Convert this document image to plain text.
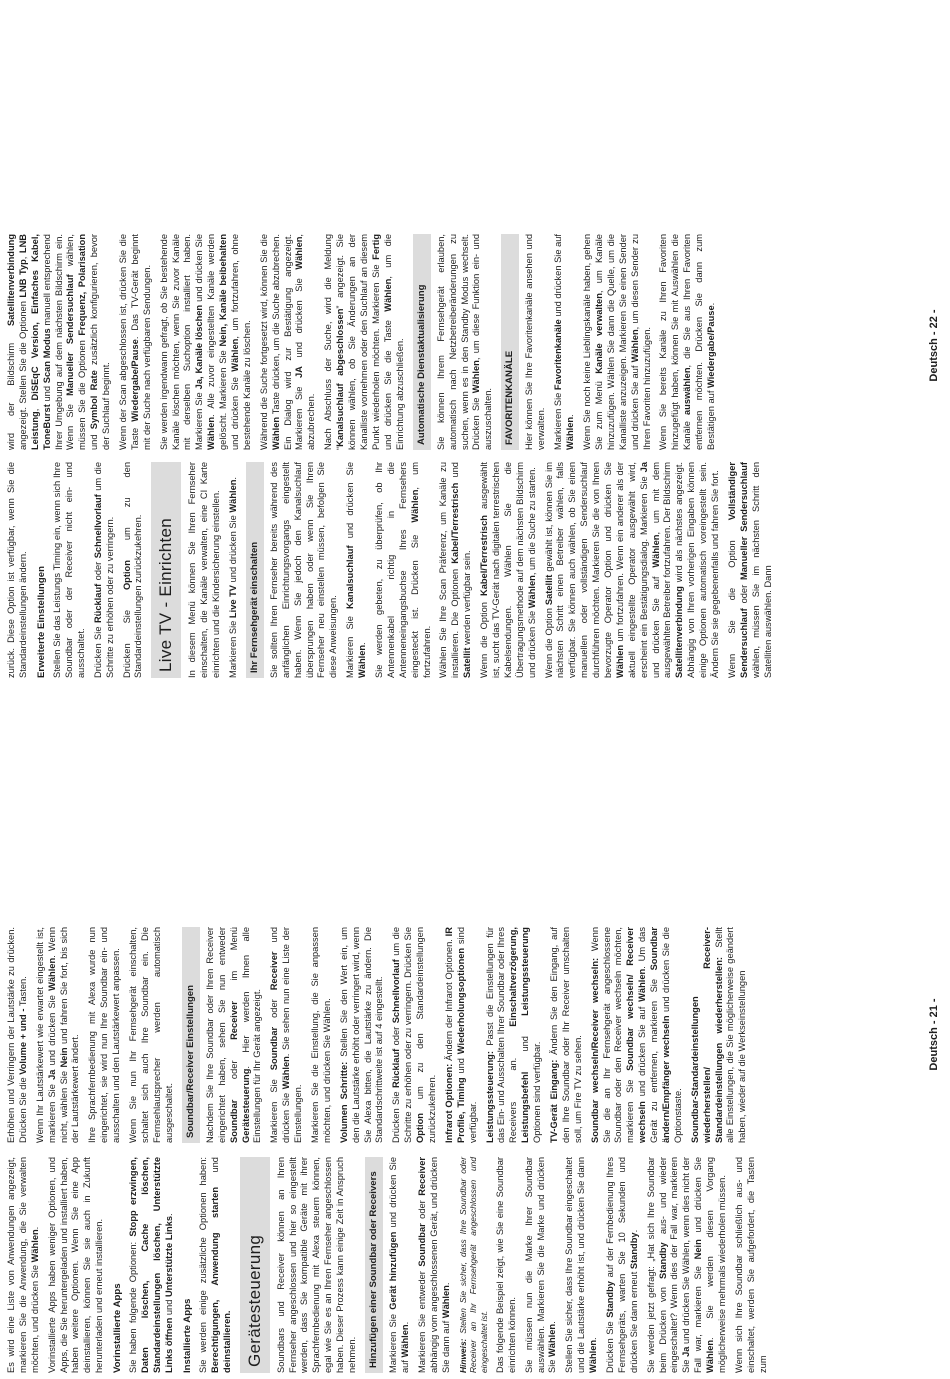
Es wird eine Liste von Anwendungen angezeigt, markieren Sie die Anwendung, die Sie verwalten möchten, und drücken Sie Wählen. Vorinstallierte Apps haben weniger Optionen, und Apps, die Sie heruntergeladen und installiert haben, haben weitere Optionen. Wenn Sie eine App deinstallieren, können Sie sie auch in Zukunft herunterladen und erneut installieren. Vorinstallierte Apps Sie haben folgende Optionen: Stopp erzwingen, Daten löschen, Cache löschen, Standardeinstellungen löschen, Unterstützte Links öffnen und Unterstützte Links.

Installierte Apps Sie werden einige zusätzliche Optionen haben: Berechtigungen, Anwendung starten und deinstallieren. Gerätesteuerung	Soundbars und Receiver können an Ihren Fernseher angeschlossen und hier so eingestellt werden, dass Sie kompatible Geräte mit ihrer Sprachfernbedienung mit Alexa steuern können, egal wie Sie es an Ihren Fernseher angeschlossen haben. Dieser Prozess kann einige Zeit in Anspruch nehmen.	Hinzufügen einer Soundbar oder Receivers Markieren Sie Gerät hinzufügen und drücken Sie auf Wählen. Markieren Sie entweder Soundbar oder Receiver abhängig vom angeschlossenen Gerät, und drücken Sie dann auf Wählen.

Hinweis: Stellen Sie sicher, dass Ihre Soundbar oder Receiver an Ihr Fernsehgerät angeschlossen und eingeschaltet ist. Das folgende Beispiel zeigt, wie Sie eine Soundbar einrichten können. Sie müssen nun die Marke Ihrer Soundbar auswählen. Markieren Sie die Marke und drücken Sie Wählen. Stellen Sie sicher, dass Ihre Soundbar eingeschaltet und die Lautstärke erhöht ist, und drücken Sie dann Wählen. Drücken Sie Standby auf der Fernbedienung Ihres Fernsehgeräts, warten Sie 10 Sekunden und drücken Sie dann erneut Standby. Sie werden jetzt gefragt: „Hat sich Ihre Soundbar beim Drücken von Standby aus- und wieder eingeschaltet? Wenn dies der Fall war, markieren Sie Ja und drücken Sie Wählen, wenn dies nicht der Fall war, markieren Sie Nein und drücken Sie Wählen. Sie werden diesen Vorgang möglicherweise mehrmals wiederholen müssen. Wenn sich Ihre Soundbar schließlich aus- und einschaltet, werden Sie aufgefordert, die Tasten zum

Erhöhen und Verringern der Lautstärke zu drücken. Drücken Sie die Volume + und - Tasten. Wenn Ihr Lautstärkewert wie erwartet eingestellt ist, markieren Sie Ja und drücken Sie Wählen. Wenn nicht, wählen Sie Nein und fahren Sie fort, bis sich der Lautstärkewert ändert. Ihre Sprachfernbedienung mit Alexa wurde nun eingerichtet, sie wird nun Ihre Soundbar ein- und ausschalten und den Lautstärkewert anpassen. Wenn Sie nun Ihr Fernsehgerät einschalten, schaltet sich auch Ihre Soundbar ein. Die Fernsehlautsprecher werden automatisch ausgeschaltet.	Soundbar/Receiver Einstellungen Nachdem Sie Ihre Soundbar oder Ihren Receiver eingerichtet haben, sehen Sie nun entweder Soundbar oder Receiver im Menü Gerätesteuerung. Hier werden Ihnen alle Einstellungen für Ihr Gerät angezeigt. Markieren Sie Soundbar oder Receiver und drücken Sie Wählen. Sie sehen nun eine Liste der Einstellungen. Markieren Sie die Einstellung, die Sie anpassen möchten, und drücken Sie Wählen. Volumen Schritte: Stellen Sie den Wert ein, um den die Lautstärke erhöht oder verringert wird, wenn Sie Alexa bitten, die Lautstärke zu ändern. Die Standardschrittweite ist auf 4 eingestellt. Drücken Sie Rücklauf oder Schnellvorlauf um die Schritte zu erhöhen oder zu verringern. Drücken Sie Option um zu den Standardeinstellungen zurückzukehren. Infrarot Optionen: Ändern der Infrarot Optionen. IR Profile, Timing und Wiederholungsoptionen sind verfügbar. Leistungssteuerung: Passt die Einstellungen für das Ein- und Ausschalten Ihrer Soundbar oder Ihres Receivers an. Einschaltverzögerung, Leistungsbefehl und Leistungssteuerung Optionen sind verfügbar. TV-Gerät Eingang: Ändern Sie den Eingang, auf den Ihre Soundbar oder Ihr Receiver umschalten soll, um Fire TV zu sehen. Soundbar wechseln/Receiver wechseln: Wenn Sie die an Ihr Fernsehgerät angeschlossene Soundbar oder den Receiver wechseln möchten, markieren Sie Soundbar wechseln/ Receiver wechseln und drücken Sie auf Wählen. Um das Gerät zu entfernen, markieren Sie Soundbar ändern/Empfänger wechseln und drücken Sie die Optionstaste. Soundbar-Standardeinstellungen wiederherstellen/ Receiver-Standardeinstellungen wiederherstellen: Stellt alle Einstellungen, die Sie möglicherweise geändert haben, wieder auf die Werkseinstellungen	Deutsch - 21 -

zurück. Diese Option ist verfügbar, wenn Sie die Standardeinstellungen ändern. Erweiterte Einstellungen Stellen Sie das Leistungs Timing ein, wenn sich Ihre Soundbar oder der Receiver nicht ein- und ausschaltet. Drücken Sie Rücklauf oder Schnellvorlauf um die Schritte zu erhöhen oder zu verringern. Drücken Sie Option um zu den Standardeinstellungen zurückzukehren. Live TV - Einrichten	In diesem Menü können Sie Ihren Fernseher einschalten, die Kanäle verwalten, eine CI Karte einrichten und die Kindersicherung einstellen. Markieren Sie Live TV und drücken Sie Wählen.

Ihr Fernsehgerät einschalten Sie sollten Ihren Fernseher bereits während des anfänglichen Einrichtungsvorgangs eingestellt haben. Wenn Sie jedoch den Kanalsuchlauf übersprungen haben oder wenn Sie Ihren Fernseher neu einstellen müssen, befolgen Sie diese Anweisungen. Markieren Sie Kanalsuchlauf und drücken Sie Wählen. Sie werden gebeten, zu überprüfen, ob Ihr Antennenkabel richtig in die Antenneneingangsbuchse Ihres Fernsehers eingesteckt ist. Drücken Sie Wählen, um fortzufahren. Wählen Sie Ihre Scan Präferenz, um Kanäle zu installieren. Die Optionen Kabel/Terrestrisch und Satellit werden verfügbar sein. Wenn die Option Kabel/Terrestrisch ausgewählt ist, sucht das TV-Gerät nach digitalen terrestrischen Kabelsendungen. Wählen Sie die Übertragungsmethode auf dem nächsten Bildschirm und drücken Sie Wählen, um die Suche zu starten.

Wenn die Option Satellit gewählt ist, können Sie im nächsten Schritt einen Betreiber wählen, falls verfügbar. Sie können auch wählen, ob Sie einen manuellen oder vollständigen Sendersuchlauf durchführen möchten. Markieren Sie die von Ihnen bevorzugte Operator Option und drücken Sie Wählen um fortzufahren. Wenn ein anderer als der aktuell eingestellte Operator ausgewählt wird, erscheint ein Bestätigungsdialog. Markieren Sie Ja und drücken Sie auf Wählen, um mit dem ausgewählten Betreiber fortzufahren. Der Bildschirm Satellitenverbindung wird als nächstes angezeigt. Abhängig von Ihren vorherigen Eingaben können einige Optionen automatisch voreingestellt sein. Ändern Sie sie gegebenenfalls und fahren Sie fort. Wenn Sie die Option Vollständiger Sendersuchlauf oder Manueller Sendersuchlauf wählen, müssen Sie im nächsten Schritt den Satelliten auswählen. Dann

wird der Bildschirm Satellitenverbindung angezeigt. Stellen Sie die Optionen LNB Typ, LNB Leistung, DiSEqC Version, Einfaches Kabel, ToneBurst und Scan Modus manuell entsprechend Ihrer Umgebung auf dem nächsten Bildschirm ein. Wenn Sie Manueller Sendersuchlauf wählen, müssen Sie die Optionen Frequenz, Polarisation und Symbol Rate zusätzlich konfigurieren, bevor der Suchlauf beginnt. Wenn der Scan abgeschlossen ist, drücken Sie die Taste Wiedergabe/Pause. Das TV-Gerät beginnt mit der Suche nach verfügbaren Sendungen. Sie werden irgendwann gefragt, ob Sie bestehende Kanäle löschen möchten, wenn Sie zuvor Kanäle mit derselben Suchoption installiert haben. Markieren Sie Ja, Kanäle löschen und drücken Sie Wählen. Alle zuvor eingestellten Kanäle werden gelöscht. Markieren Sie Nein, Kanäle beibehalten und drücken Sie Wählen, um fortzufahren, ohne bestehende Kanäle zu löschen. Während die Suche fortgesetzt wird, können Sie die Wählen Taste drücken, um die Suche abzubrechen. Ein Dialog wird zur Bestätigung angezeigt. Markieren Sie JA und drücken Sie Wählen, abzubrechen. Nach Abschluss der Suche, wird die Meldung “Kanalsuchlauf abgeschlossen” angezeigt. Sie können wählen, ob Sie Änderungen an der Kanalliste vornehmen oder den Suchlauf an diesem Punkt wiederholen möchten. Markieren Sie Fertig und drücken Sie die Taste Wählen, um die Einrichtung abzuschließen.	Automatische Dienstaktualisierung Sie können Ihrem Fernsehgerät erlauben, automatisch nach Netzbetreiberänderungen zu suchen, wenn es in den Standby Modus wechselt. Drücken Sie Wählen, um diese Funktion ein- und auszuschalten.	FAVORITENKANÄLE Hier können Sie Ihre Favoritenkanäle ansehen und verwalten. Markieren Sie Favoritenkanäle und drücken Sie auf Wählen. Wenn Sie noch keine Lieblingskanäle haben, gehen Sie zum Menü Kanäle verwalten, um Kanäle hinzuzufügen. Wählen Sie dann die Quelle, um die Kanalliste anzuzeigen. Markieren Sie einen Sender und drücken Sie auf Wählen, um diesen Sender zu Ihren Favoriten hinzuzufügen. Wenn Sie bereits Kanäle zu Ihren Favoriten hinzugefügt haben, können Sie mit Auswählen die Kanäle auswählen, die Sie aus Ihren Favoriten entfernen möchten. Drücken Sie dann zum Bestätigen auf Wiedergabe/Pause.

Deutsch - 22 -
